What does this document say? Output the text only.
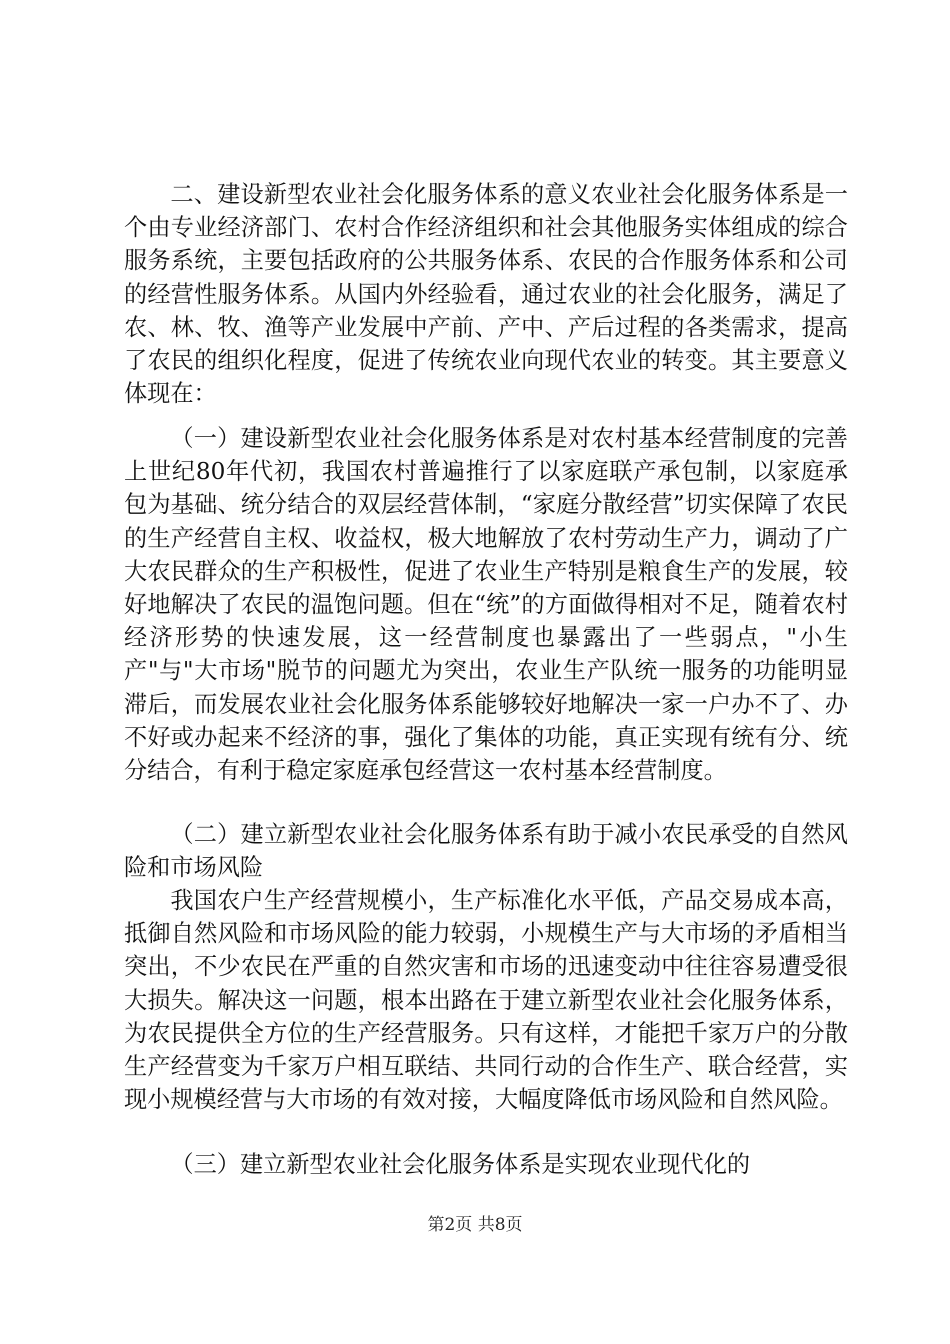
二、建设新型农业社会化服务体系的意义农业社会化服务体系是一个由专业经济部门、农村合作经济组织和社会其他服务实体组成的综合服务系统，主要包括政府的公共服务体系、农民的合作服务体系和公司的经营性服务体系。从国内外经验看，通过农业的社会化服务，满足了农、林、牧、渔等产业发展中产前、产中、产后过程的各类需求，提高了农民的组织化程度，促进了传统农业向现代农业的转变。其主要意义体现在：

（一）建设新型农业社会化服务体系是对农村基本经营制度的完善上世纪80年代初，我国农村普遍推行了以家庭联产承包制，以家庭承包为基础、统分结合的双层经营体制，“家庭分散经营”切实保障了农民的生产经营自主权、收益权，极大地解放了农村劳动生产力，调动了广大农民群众的生产积极性，促进了农业生产特别是粮食生产的发展，较好地解决了农民的温饱问题。但在“统”的方面做得相对不足，随着农村经济形势的快速发展，这一经营制度也暴露出了一些弱点，"小生产"与"大市场"脱节的问题尤为突出，农业生产队统一服务的功能明显滞后，而发展农业社会化服务体系能够较好地解决一家一户办不了、办不好或办起来不经济的事，强化了集体的功能，真正实现有统有分、统分结合，有利于稳定家庭承包经营这一农村基本经营制度。

（二）建立新型农业社会化服务体系有助于减小农民承受的自然风险和市场风险

我国农户生产经营规模小，生产标准化水平低，产品交易成本高，抵御自然风险和市场风险的能力较弱，小规模生产与大市场的矛盾相当突出，不少农民在严重的自然灾害和市场的迅速变动中往往容易遭受很大损失。解决这一问题，根本出路在于建立新型农业社会化服务体系，为农民提供全方位的生产经营服务。只有这样，才能把千家万户的分散生产经营变为千家万户相互联结、共同行动的合作生产、联合经营，实现小规模经营与大市场的有效对接，大幅度降低市场风险和自然风险。

（三）建立新型农业社会化服务体系是实现农业现代化的

第2页 共8页
